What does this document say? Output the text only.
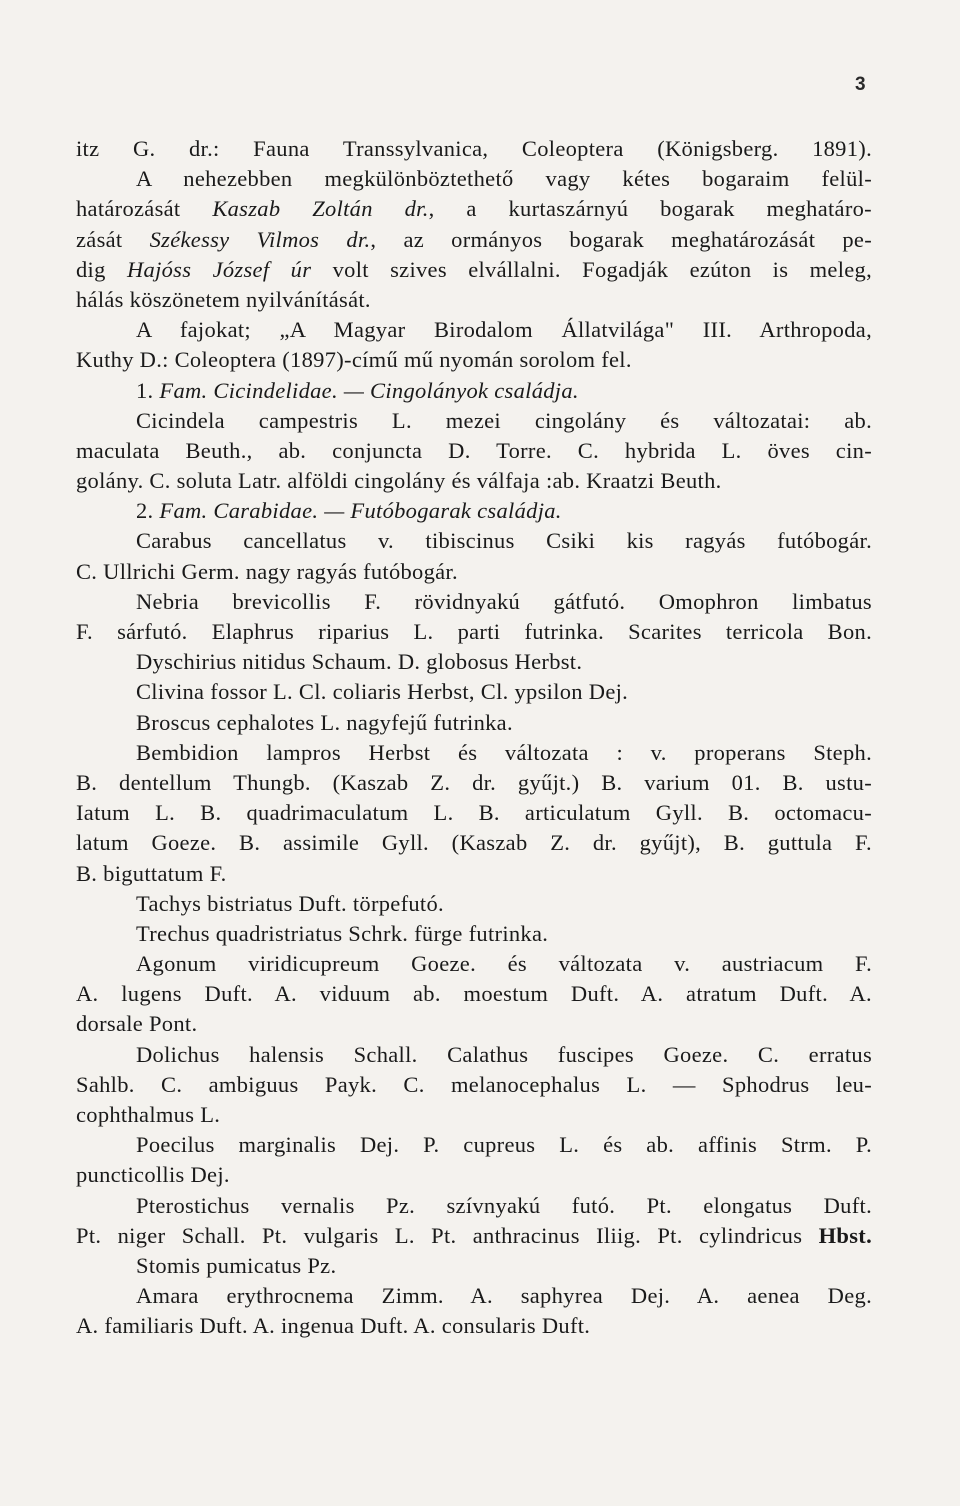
3
itz G. dr.: Fauna Transsylvanica, Coleoptera (Königsberg. 1891).
A nehezebben megkülönböztethető vagy kétes bogaraim felül-
határozását Kaszab Zoltán dr., a kurtaszárnyú bogarak meghatáro-
zását Székessy Vilmos dr., az ormányos bogarak meghatározását pe-
dig Hajóss József úr volt szives elvállalni. Fogadják ezúton is meleg,
hálás köszönetem nyilvánítását.
A fajokat; „A Magyar Birodalom Állatvilága" III. Arthropoda,
Kuthy D.: Coleoptera (1897)-című mű nyomán sorolom fel.
1. Fam. Cicindelidae. — Cingolányok családja.
Cicindela campestris L. mezei cingolány és változatai: ab.
maculata Beuth., ab. conjuncta D. Torre. C. hybrida L. öves cin-
golány. C. soluta Latr. alföldi cingolány és válfaja :ab. Kraatzi Beuth.
2. Fam. Carabidae. — Futóbogarak családja.
Carabus cancellatus v. tibiscinus Csiki kis ragyás futóbogár.
C. Ullrichi Germ. nagy ragyás futóbogár.
Nebria brevicollis F. rövidnyakú gátfutó. Omophron limbatus
F. sárfutó. Elaphrus riparius L. parti futrinka. Scarites terricola Bon.
Dyschirius nitidus Schaum. D. globosus Herbst.
Clivina fossor L. Cl. coliaris Herbst, Cl. ypsilon Dej.
Broscus cephalotes L. nagyfejű futrinka.
Bembidion lampros Herbst és változata : v. properans Steph.
B. dentellum Thungb. (Kaszab Z. dr. gyűjt.) B. varium 01. B. ustu-
Iatum L. B. quadrimaculatum L. B. articulatum Gyll. B. octomacu-
latum Goeze. B. assimile Gyll. (Kaszab Z. dr. gyűjt), B. guttula F.
B. biguttatum F.
Tachys bistriatus Duft. törpefutó.
Trechus quadristriatus Schrk. fürge futrinka.
Agonum viridicupreum Goeze. és változata v. austriacum F.
A. lugens Duft. A. viduum ab. moestum Duft. A. atratum Duft. A.
dorsale Pont.
Dolichus halensis Schall. Calathus fuscipes Goeze. C. erratus
Sahlb. C. ambiguus Payk. C. melanocephalus L. — Sphodrus leu-
cophthalmus L.
Poecilus marginalis Dej. P. cupreus L. és ab. affinis Strm. P.
puncticollis Dej.
Pterostichus vernalis Pz. szívnyakú futó. Pt. elongatus Duft.
Pt. niger Schall. Pt. vulgaris L. Pt. anthracinus Iliig. Pt. cylindricus Hbst.
Stomis pumicatus Pz.
Amara erythrocnema Zimm. A. saphyrea Dej. A. aenea Deg.
A. familiaris Duft. A. ingenua Duft. A. consularis Duft.
